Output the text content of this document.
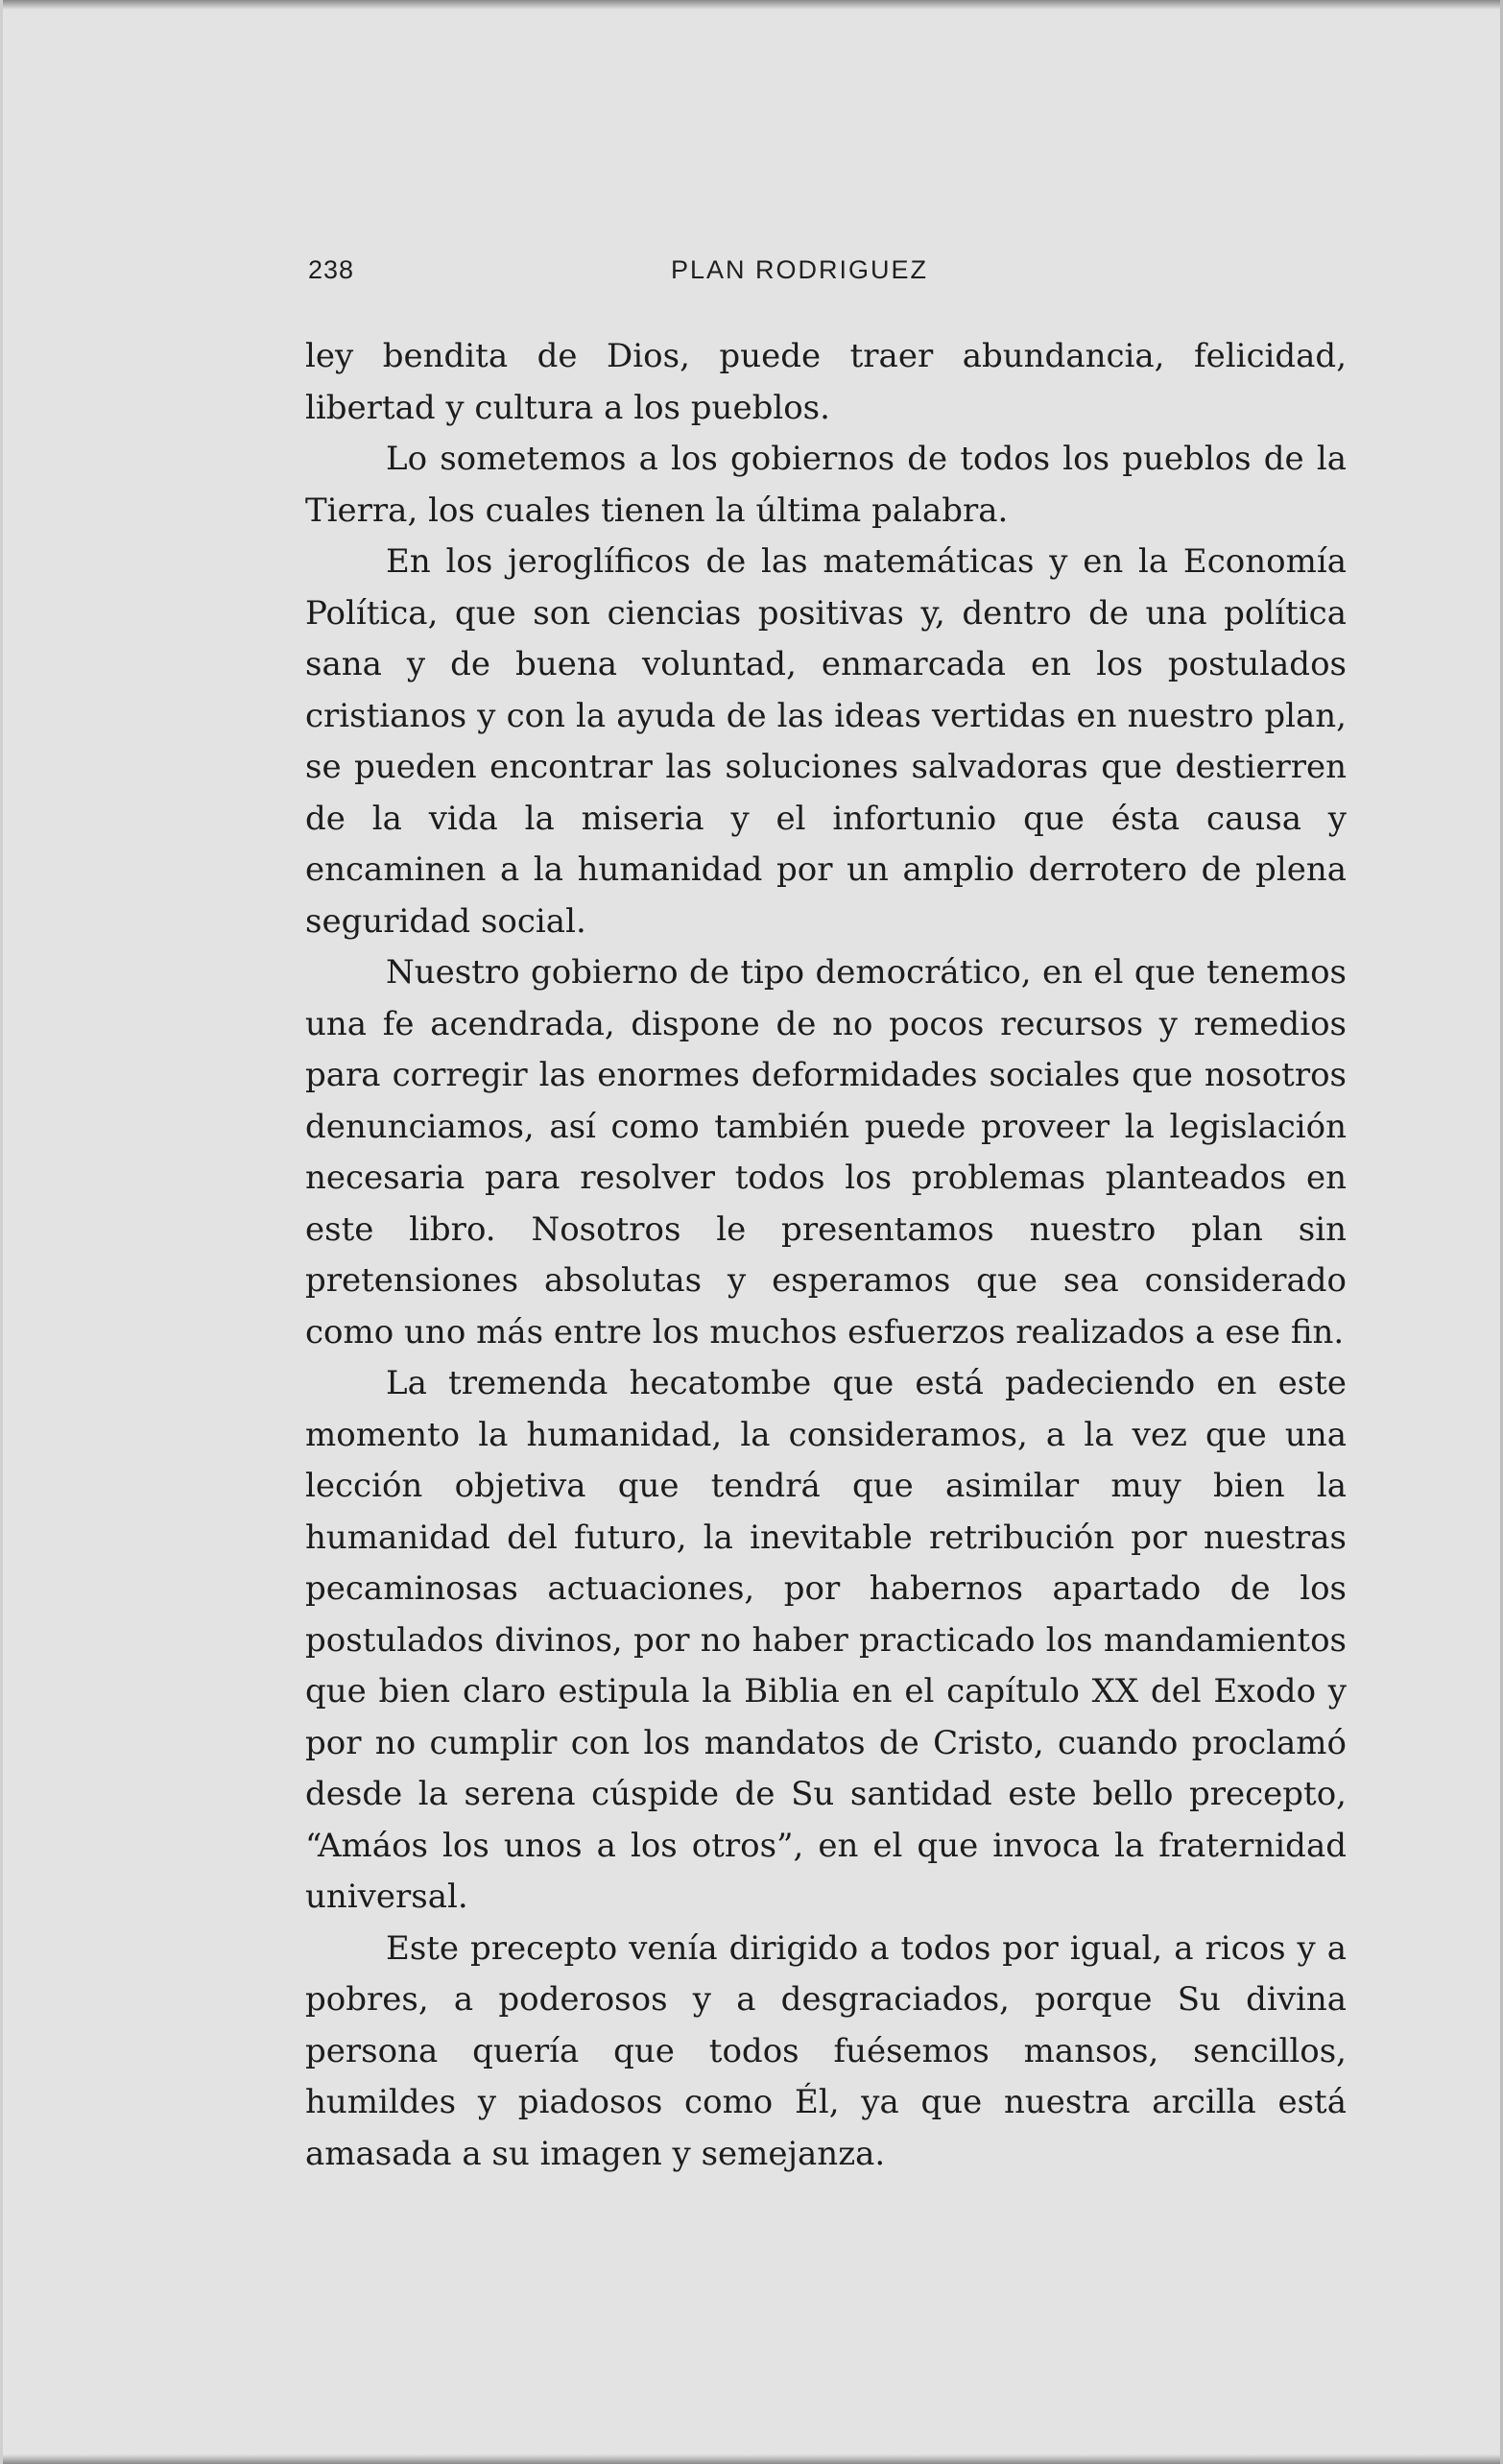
238	PLAN RODRIGUEZ

ley bendita de Dios, puede traer abundancia, felicidad, libertad y cultura a los pueblos.

Lo sometemos a los gobiernos de todos los pueblos de la Tierra, los cuales tienen la última palabra.

En los jeroglíficos de las matemáticas y en la Economía Política, que son ciencias positivas y, dentro de una política sana y de buena voluntad, enmarcada en los postulados cristianos y con la ayuda de las ideas vertidas en nuestro plan, se pueden encontrar las soluciones salvadoras que destierren de la vida la miseria y el infortunio que ésta causa y encaminen a la humanidad por un amplio derrotero de plena seguridad social.

Nuestro gobierno de tipo democrático, en el que tenemos una fe acendrada, dispone de no pocos recursos y remedios para corregir las enormes deformidades sociales que nosotros denunciamos, así como también puede proveer la legislación necesaria para resolver todos los problemas planteados en este libro. Nosotros le presentamos nuestro plan sin pretensiones absolutas y esperamos que sea considerado como uno más entre los muchos esfuerzos realizados a ese fin.

La tremenda hecatombe que está padeciendo en este momento la humanidad, la consideramos, a la vez que una lección objetiva que tendrá que asimilar muy bien la humanidad del futuro, la inevitable retribución por nuestras pecaminosas actuaciones, por habernos apartado de los postulados divinos, por no haber practicado los mandamientos que bien claro estipula la Biblia en el capítulo XX del Exodo y por no cumplir con los mandatos de Cristo, cuando proclamó desde la serena cúspide de Su santidad este bello precepto, “Amáos los unos a los otros”, en el que invoca la fraternidad universal.

Este precepto venía dirigido a todos por igual, a ricos y a pobres, a poderosos y a desgraciados, porque Su divina persona quería que todos fuésemos mansos, sencillos, humildes y piadosos como Él, ya que nuestra arcilla está amasada a su imagen y semejanza.
